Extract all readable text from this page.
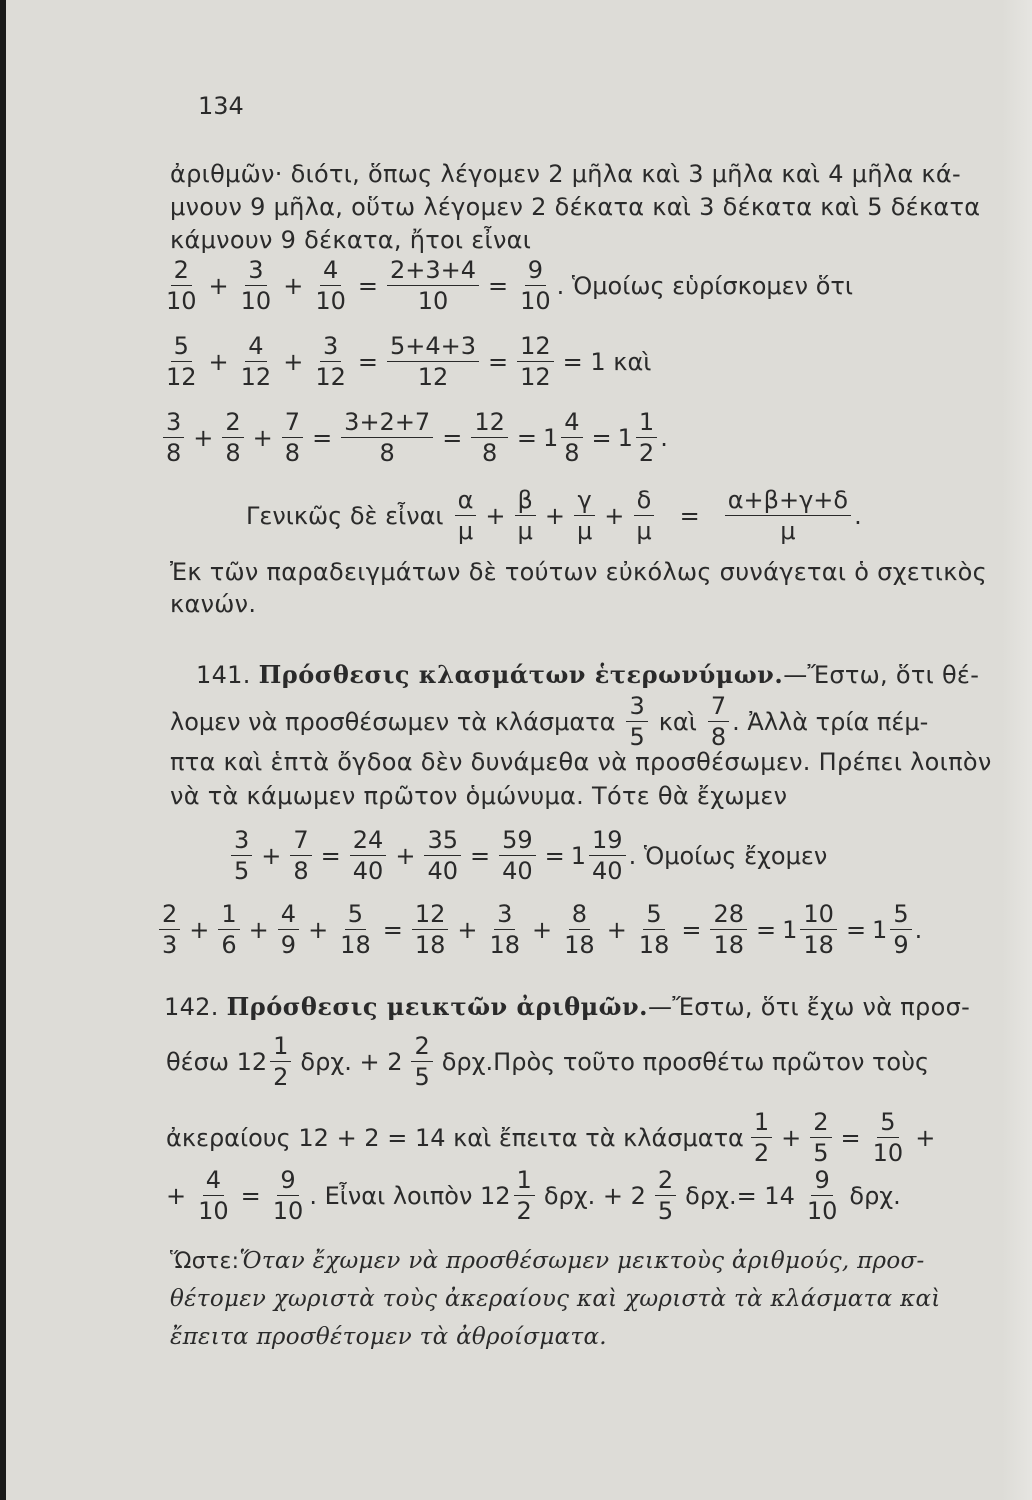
134
ἀριθμῶν· διότι, ὅπως λέγομεν 2 μῆλα καὶ 3 μῆλα καὶ 4 μῆλα κά-
μνουν 9 μῆλα, οὕτω λέγομεν 2 δέκατα καὶ 3 δέκατα καὶ 5 δέκατα
κάμνουν 9 δέκατα, ἤτοι εἶναι
$\frac{2}{10} + \frac{3}{10} + \frac{4}{10} = \frac{2+3+4}{10} = \frac{9}{10}$ . Ὁμοίως εὑρίσκομεν ὅτι
$\frac{5}{12} + \frac{4}{12} + \frac{3}{12} = \frac{5+4+3}{12} = \frac{12}{12} = 1$ καὶ
$\frac{3}{8} + \frac{2}{8} + \frac{7}{8} = \frac{3+2+7}{8} = \frac{12}{8} = 1 \frac{4}{8} = 1 \frac{1}{2}$ .
Γενικῶς δὲ εἶναι $\frac{\alpha}{\mu} + \frac{\beta}{\mu} + \frac{\gamma}{\mu} + \frac{\delta}{\mu} = \frac{\alpha+\beta+\gamma+\delta}{\mu}$ .
Ἐκ τῶν παραδειγμάτων δὲ τούτων εὐκόλως συνάγεται ὁ σχετικὸς
κανών.
141. Πρόσθεσις κλασμάτων ἑτερωνύμων.—Ἔστω, ὅτι θέ-
λομεν νὰ προσθέσωμεν τὰ κλάσματα $\frac{3}{5}$ καὶ $\frac{7}{8}$ . Ἀλλὰ τρία πέμ-
πτα καὶ ἑπτὰ ὄγδοα δὲν δυνάμεθα νὰ προσθέσωμεν. Πρέπει λοιπὸν
νὰ τὰ κάμωμεν πρῶτον ὁμώνυμα. Τότε θὰ ἔχωμεν
$\frac{3}{5} + \frac{7}{8} = \frac{24}{40} + \frac{35}{40} = \frac{59}{40} = 1 \frac{19}{40}$ . Ὁμοίως ἔχομεν
$\frac{2}{3} + \frac{1}{6} + \frac{4}{9} + \frac{5}{18} = \frac{12}{18} + \frac{3}{18} + \frac{8}{18} + \frac{5}{18} = \frac{28}{18} = 1 \frac{10}{18} = 1 \frac{5}{9}$ .
142. Πρόσθεσις μεικτῶν ἀριθμῶν.—Ἔστω, ὅτι ἔχω νὰ προσ-
θέσω $12 \frac{1}{2} \delta\rho\chi$. + $2 \frac{2}{5}$ δρχ.Πρὸς τοῦτο προσθέτω πρῶτον τοὺς
ἀκεραίους 12 + 2 = 14 καὶ ἔπειτα τὰ κλάσματα $\frac{1}{2} + \frac{2}{5} = \frac{5}{10}$ +
+ $\frac{4}{10} = \frac{9}{10}$ . Εἶναι λοιπὸν $12 \frac{1}{2} \delta\rho\chi$. + $2 \frac{2}{5} \delta\rho\chi.= 14 \frac{9}{10} \delta\rho\chi$.
Ὥστε:Ὅταν ἔχωμεν νὰ προσθέσωμεν μεικτοὺς ἀριθμούς, προσ-
θέτομεν χωριστὰ τοὺς ἀκεραίους καὶ χωριστὰ τὰ κλάσματα καὶ
ἔπειτα προσθέτομεν τὰ ἀθροίσματα.
